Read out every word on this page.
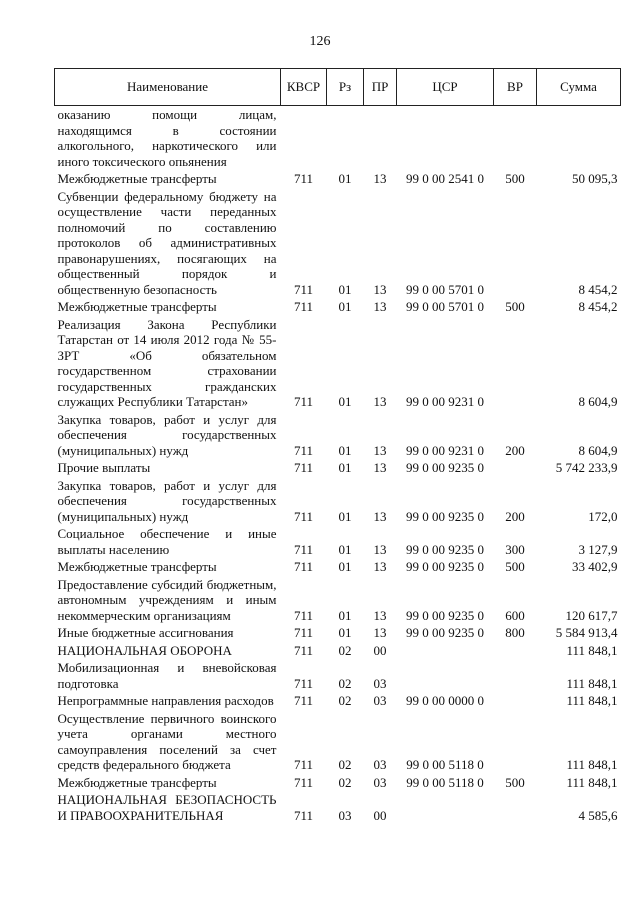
126
Наименование	КВСР	Рз	ПР	ЦСР	ВР	Сумма
оказанию помощи лицам, находящимся в состоянии алкогольного, наркотического или иного токсического опьянения						
Межбюджетные трансферты	711	01	13	99 0 00 2541 0	500	50 095,3
Субвенции федеральному бюджету на осуществление части переданных полномочий по составлению протоколов об административных правонарушениях, посягающих на общественный порядок и общественную безопасность	711	01	13	99 0 00 5701 0		8 454,2
Межбюджетные трансферты	711	01	13	99 0 00 5701 0	500	8 454,2
Реализация Закона Республики Татарстан от 14 июля 2012 года № 55-ЗРТ «Об обязательном государственном страховании государственных гражданских служащих Республики Татарстан»	711	01	13	99 0 00 9231 0		8 604,9
Закупка товаров, работ и услуг для обеспечения государственных (муниципальных) нужд	711	01	13	99 0 00 9231 0	200	8 604,9
Прочие выплаты	711	01	13	99 0 00 9235 0		5 742 233,9
Закупка товаров, работ и услуг для обеспечения государственных (муниципальных) нужд	711	01	13	99 0 00 9235 0	200	172,0
Социальное обеспечение и иные выплаты населению	711	01	13	99 0 00 9235 0	300	3 127,9
Межбюджетные трансферты	711	01	13	99 0 00 9235 0	500	33 402,9
Предоставление субсидий бюджетным, автономным учреждениям и иным некоммерческим организациям	711	01	13	99 0 00 9235 0	600	120 617,7
Иные бюджетные ассигнования	711	01	13	99 0 00 9235 0	800	5 584 913,4
НАЦИОНАЛЬНАЯ ОБОРОНА	711	02	00			111 848,1
Мобилизационная и вневойсковая подготовка	711	02	03			111 848,1
Непрограммные направления расходов	711	02	03	99 0 00 0000 0		111 848,1
Осуществление первичного воинского учета органами местного самоуправления поселений за счет средств федерального бюджета	711	02	03	99 0 00 5118 0		111 848,1
Межбюджетные трансферты	711	02	03	99 0 00 5118 0	500	111 848,1
НАЦИОНАЛЬНАЯ БЕЗОПАСНОСТЬ И ПРАВООХРАНИТЕЛЬНАЯ	711	03	00			4 585,6
